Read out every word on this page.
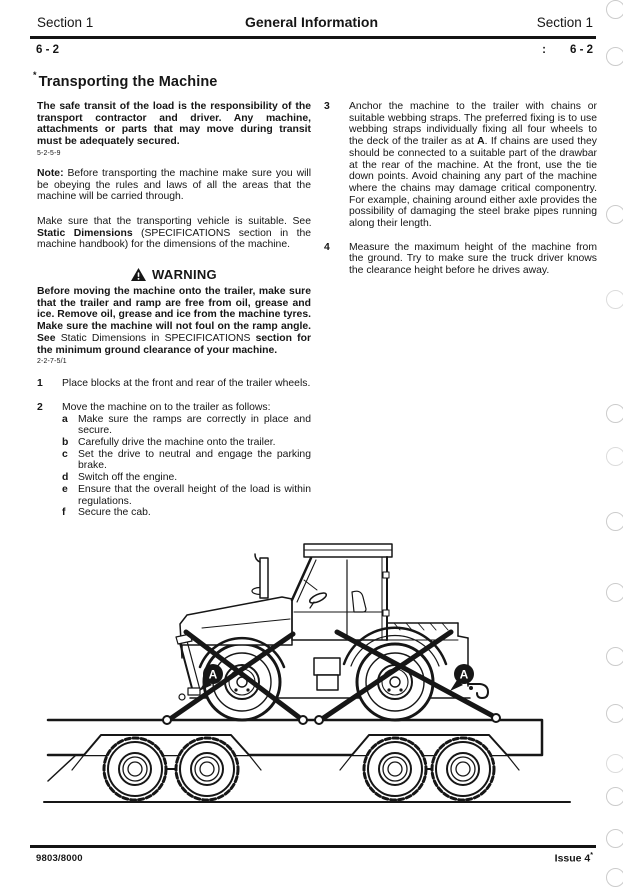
Section 1	General Information	Section 1
6 - 2	: 6 - 2
* Transporting the Machine
The safe transit of the load is the responsibility of the transport contractor and driver. Any machine, attachments or parts that may move during transit must be adequately secured.
5-2-5-9
Note: Before transporting the machine make sure you will be obeying the rules and laws of all the areas that the machine will be carried through.
Make sure that the transporting vehicle is suitable. See Static Dimensions (SPECIFICATIONS section in the machine handbook) for the dimensions of the machine.
WARNING
Before moving the machine onto the trailer, make sure that the trailer and ramp are free from oil, grease and ice. Remove oil, grease and ice from the machine tyres. Make sure the machine will not foul on the ramp angle. See Static Dimensions in SPECIFICATIONS section for the minimum ground clearance of your machine.
2-2-7-5/1
1	Place blocks at the front and rear of the trailer wheels.
2	Move the machine on to the trailer as follows:
a Make sure the ramps are correctly in place and secure.
b Carefully drive the machine onto the trailer.
c Set the drive to neutral and engage the parking brake.
d Switch off the engine.
e Ensure that the overall height of the load is within regulations.
f	Secure the cab.
3	Anchor the machine to the trailer with chains or suitable webbing straps. The preferred fixing is to use webbing straps individually fixing all four wheels to the deck of the trailer as at A. If chains are used they should be connected to a suitable part of the drawbar at the rear of the machine. At the front, use the tie down points. Avoid chaining any part of the machine where the chains may damage critical componentry. For example, chaining around either axle provides the possibility of damaging the steel brake pipes running along their length.
4	Measure the maximum height of the machine from the ground. Try to make sure the truck driver knows the clearance height before he drives away.
A	A
9803/8000	Issue 4*
